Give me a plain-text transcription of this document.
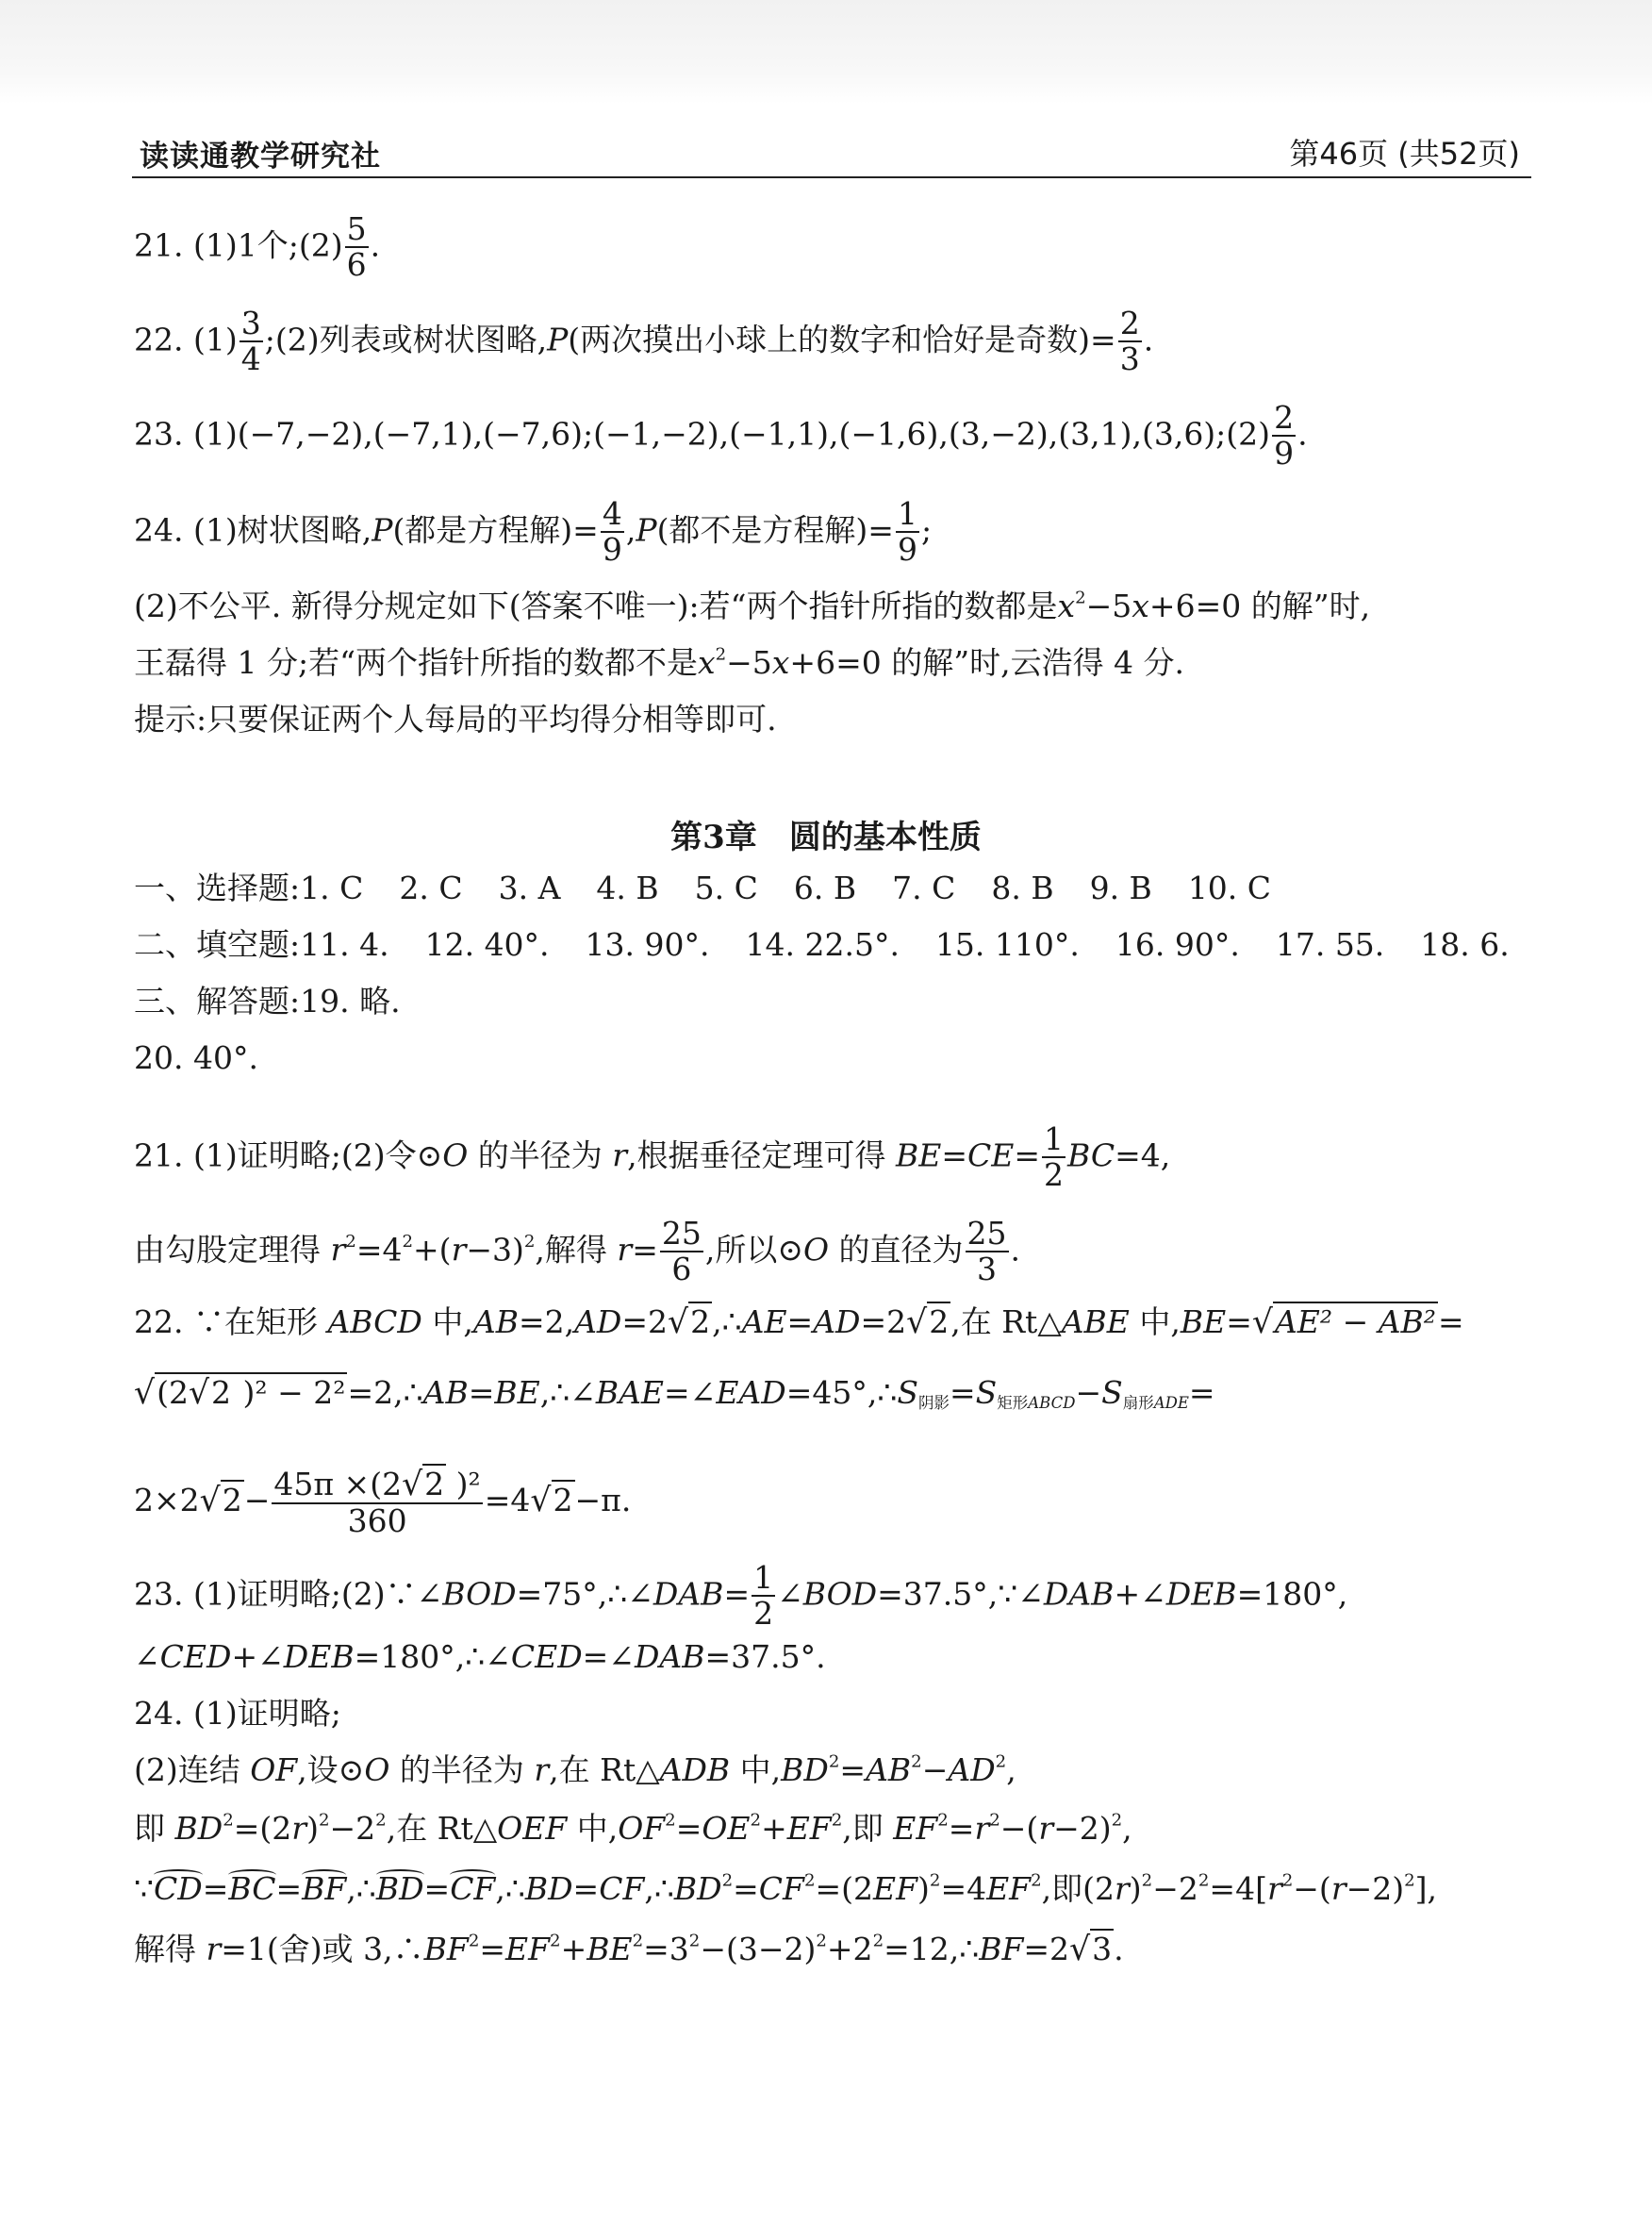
读读通教学研究社	第46页 (共52页)
21. (1)1个;(2) $\frac{5}{6}$ .
22. $(1) \frac{3}{4}$ ;(2)列表或树状图略,P(两次摸出小球上的数字和恰好是奇数)= $\frac{2}{3}$ .
23. (1)(−7,−2),(−7,1),(−7,6);(−1,−2),(−1,1),(−1,6),(3,−2),(3,1),(3,6);(2) $\frac{2}{9}$ .
24. (1)树状图略,P(都是方程解)= $\frac{4}{9} ,P$(都不是方程解)= $\frac{1}{9}$ ;
(2)不公平. 新得分规定如下(答案不唯一):若“两个指针所指的数都是$x^2-5x+6=0$ 的解”时,
王磊得 1 分;若“两个指针所指的数都不是$x^2-5x+6=0$ 的解”时,云浩得 4 分.
提示:只要保证两个人每局的平均得分相等即可.
第3章　圆的基本性质
一、选择题:1. C 2. C 3. A 4. B 5. C 6. B 7. C 8. B 9. B 10. C
二、填空题:11. 4. 12. 40°. 13. 90°. 14. 22.5°. 15. 110°. 16. 90°. 17. 55. 18. 6.
三、解答题:19. 略.
20. 40°.
21. (1)证明略;(2)令⊙O 的半径为 r,根据垂径定理可得 $BE=CE= \frac{1}{2} BC=4$,
由勾股定理得 $r^2=4^2+(r-3)^2$,解得 $r= \frac{25}{6}$ ,所以⊙O 的直径为 $\frac{25}{3}$ .
22. ∵在矩形 ABCD 中,AB=2,AD=2√2,∴AE=AD=2√2,在 Rt△ABE 中,BE=√AE² − AB²=
√(2√2 )$^2 - 2^2=2,\therefore AB=BE,\therefore\angle BAE=\angle EAD=45^\circ,\therefore S_{阴影}=S_{矩形ABCD}-S_{扇形ADE}=$
$2\times 2√2- \frac{\text{45π ×(2√2 )²}}{360} =4√2-\pi$.
23. (1)证明略;(2)∵∠BOD=75°,∴∠DAB= $\frac{1}{2}$ ∠BOD=37.5°,∵∠DAB+∠DEB=180°,
∠CED+∠DEB=180°,∴∠CED=∠DAB=37.5°.
24. (1)证明略;
(2)连结 OF,设⊙O 的半径为 r,在 Rt△ADB 中$,BD^2=AB^2-AD^2$,
即 $BD^2=(2r)^2-2^2$,在 Rt△OEF 中$,OF^2=OE^2+EF^2$,即 $EF^2=r^2-(r-2)^2$,
$\because CD=BC=BF,\therefore BD=CF,\therefore BD=CF,\therefore BD^2=CF^2=(2EF)^2=4EF^2$,即$(2r)^2-2^2=4[r^2-(r-2)^2]$,
解得 r=1(舍)或 $3,\therefore BF^2=EF^2+BE^2=3^2-(3-2)^2+2^2=12,\therefore BF=2√3$.
